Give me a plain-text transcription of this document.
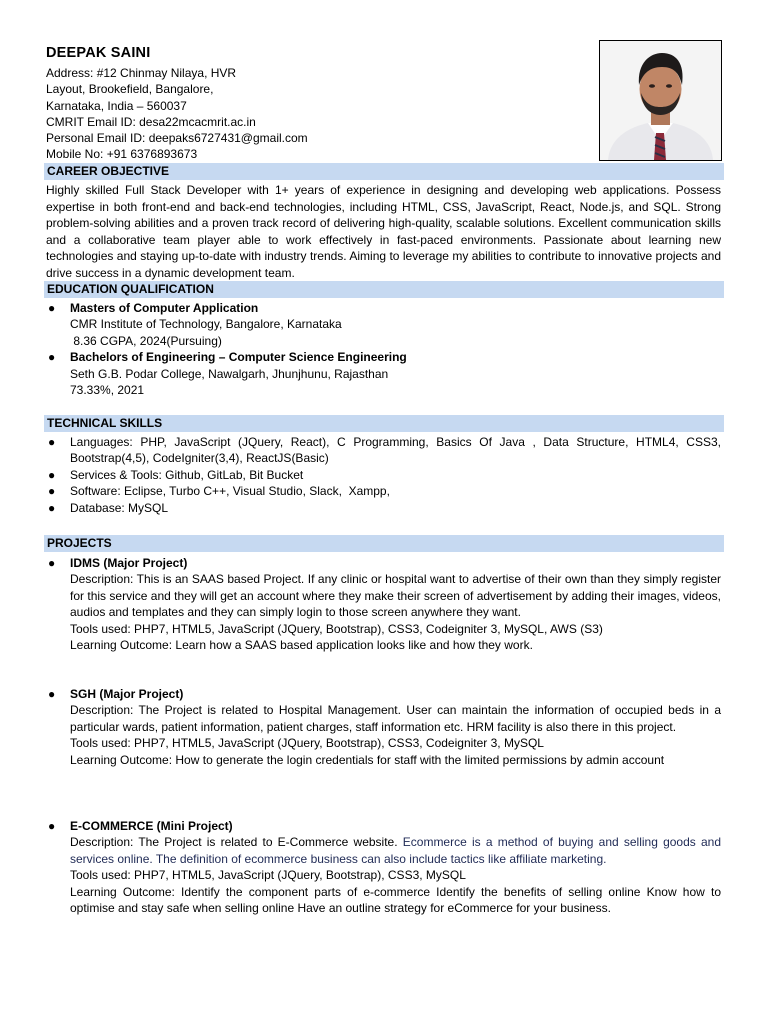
DEEPAK SAINI
Address: #12 Chinmay Nilaya, HVR
Layout, Brookefield, Bangalore,
Karnataka, India – 560037
CMRIT Email ID: desa22mcacmrit.ac.in
Personal Email ID: deepaks6727431@gmail.com
Mobile No: +91 6376893673
CAREER OBJECTIVE
Highly skilled Full Stack Developer with 1+ years of experience in designing and developing web applications. Possess expertise in both front-end and back-end technologies, including HTML, CSS, JavaScript, React, Node.js, and SQL. Strong problem-solving abilities and a proven track record of delivering high-quality, scalable solutions. Excellent communication skills and a collaborative team player able to work effectively in fast-paced environments. Passionate about learning new technologies and staying up-to-date with industry trends. Aiming to leverage my abilities to contribute to innovative projects and drive success in a dynamic development team.
EDUCATION QUALIFICATION
● Masters of Computer Application
CMR Institute of Technology, Bangalore, Karnataka
8.36 CGPA, 2024(Pursuing)
● Bachelors of Engineering – Computer Science Engineering
Seth G.B. Podar College, Nawalgarh, Jhunjhunu, Rajasthan
73.33%, 2021
TECHNICAL SKILLS
● Languages: PHP, JavaScript (JQuery, React), C Programming, Basics Of Java , Data Structure, HTML4, CSS3, Bootstrap(4,5), CodeIgniter(3,4), ReactJS(Basic)
● Services & Tools: Github, GitLab, Bit Bucket
● Software: Eclipse, Turbo C++, Visual Studio, Slack,  Xampp,
● Database: MySQL
PROJECTS
● IDMS (Major Project)
Description: This is an SAAS based Project. If any clinic or hospital want to advertise of their own than they simply register for this service and they will get an account where they make their screen of advertisement by adding their images, videos, audios and templates and they can simply login to those screen anywhere they want.
Tools used: PHP7, HTML5, JavaScript (JQuery, Bootstrap), CSS3, Codeigniter 3, MySQL, AWS (S3)
Learning Outcome: Learn how a SAAS based application looks like and how they work.
● SGH (Major Project)
Description: The Project is related to Hospital Management. User can maintain the information of occupied beds in a particular wards, patient information, patient charges, staff information etc. HRM facility is also there in this project.
Tools used: PHP7, HTML5, JavaScript (JQuery, Bootstrap), CSS3, Codeigniter 3, MySQL
Learning Outcome: How to generate the login credentials for staff with the limited permissions by admin account
● E-COMMERCE (Mini Project)
Description: The Project is related to E-Commerce website. Ecommerce is a method of buying and selling goods and services online. The definition of ecommerce business can also include tactics like affiliate marketing.
Tools used: PHP7, HTML5, JavaScript (JQuery, Bootstrap), CSS3, MySQL
Learning Outcome: Identify the component parts of e-commerce Identify the benefits of selling online Know how to optimise and stay safe when selling online Have an outline strategy for eCommerce for your business.
